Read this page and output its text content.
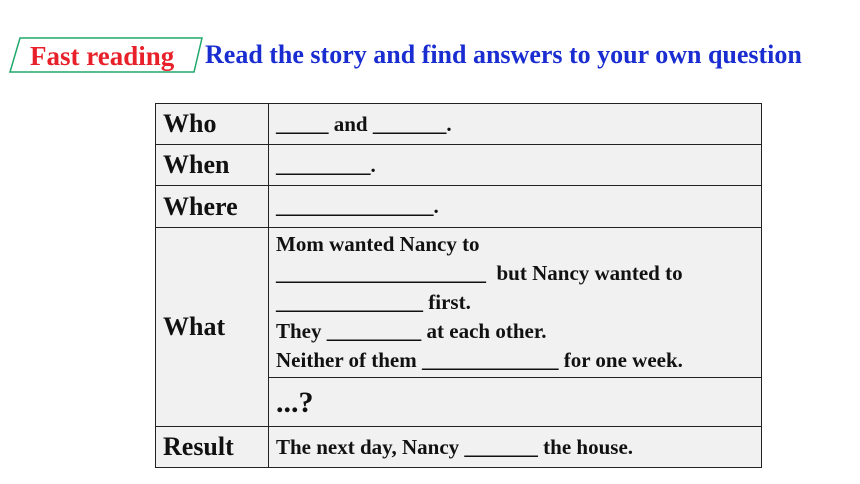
Fast reading Read the story and find answers to your own question
Who	_____ and _______.
When	_________.
Where	_______________.
What	Mom wanted Nancy to
____________________  but Nancy wanted to
______________ first.
They _________ at each other.
Neither of them _____________ for one week.

	...?
Result	The next day, Nancy _______ the house.
